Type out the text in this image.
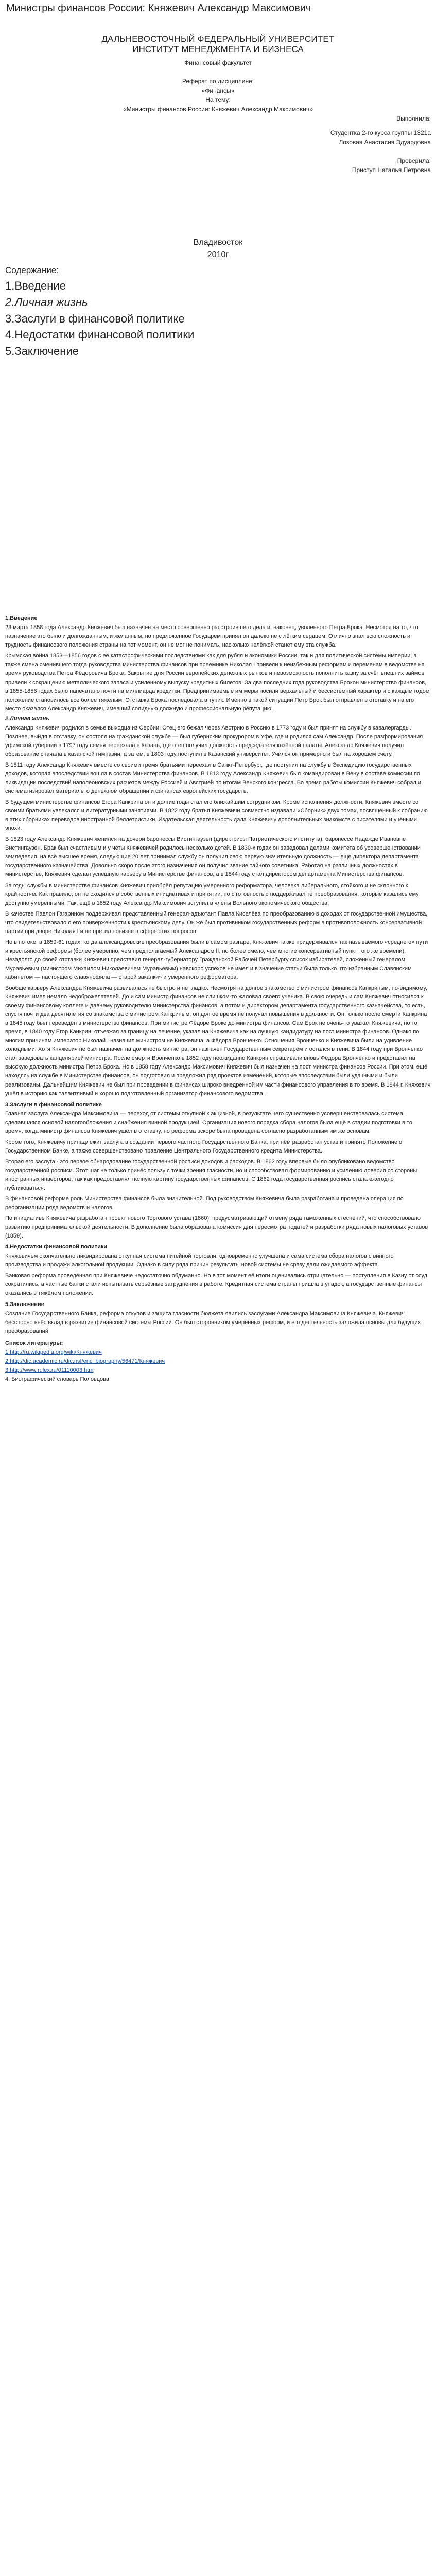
Министры финансов России: Княжевич Александр Максимович

ДАЛЬНЕВОСТОЧНЫЙ ФЕДЕРАЛЬНЫЙ УНИВЕРСИТЕТ

ИНСТИТУТ МЕНЕДЖМЕНТА И БИЗНЕСА

Финансовый факультет

Реферат по дисциплине:

«Финансы»

На тему:

«Министры финансов России: Княжевич Александр Максимович»

Выполнила:

Студентка 2-го курса группы 1321а

Лозовая Анастасия Эдуардовна

Проверила:

Приступ Наталья Петровна

Владивосток

2010г

Содержание:

1.Введение

2.Личная жизнь

3.Заслуги в финансовой политике

4.Недостатки финансовой политики

5.Заключение

1.Введение

23 марта 1858 года Александр Княжевич был назначен на место совершенно расстроившего дела и, наконец, уволенного Петра Брока. Несмотря на то, что назначение это было и долгожданным, и желанным, но предложенное Государем принял он далеко не с лёгким сердцем. Отлично знал всю сложность и трудность финансового положения страны на тот момент, он не мог не понимать, насколько нелёгкой станет ему эта служба.

Крымская война 1853—1856 годов с её катастрофическими последствиями как для рубля и экономики России, так и для политической системы империи, а также смена сменившего тогда руководства министерства финансов при преемнике Николая I привели к неизбежным реформам и переменам в ведомстве на время руководства Петра Фёдоровича Брока. Закрытие для России европейских денежных рынков и невозможность пополнить казну за счёт внешних займов привели к сокращению металлического запаса и усиленному выпуску кредитных билетов. За два последних года руководства Брокон министерство финансов, в 1855-1856 годах было напечатано почти на миллиарда кредитки. Предпринимаемые им меры носили верхальный и бессистемный характер и с каждым годом положение становилось все более тяжелым. Отставка Брока последовала в тупик. Именно в такой ситуации Пётр Брок был отправлен в отставку и на его место оказался Александр Княжевич, имевший солидную должную и профессиональную репутацию.

2.Личная жизнь

Александр Княжевич родился в семье выходца из Сербии. Отец его бежал через Австрию в Россию в 1773 году и был принят на службу в кавалергарды. Позднее, выйдя в отставку, он состоял на гражданской службе — был губернским прокурором в Уфе, где и родился сам Александр. После разформирования уфимской губернии в 1797 году семья переехала в Казань, где отец получил должность председателя казённой палаты. Александр Княжевич получил образование сначала в казанской гимназии, а затем, в 1803 году поступил в Казанский университет. Учился он примерно и был на хорошем счету.

В 1811 году Александр Княжевич вместе со своими тремя братьями переехал в Санкт-Петербург, где поступил на службу в Экспедицию государственных доходов, которая впоследствии вошла в состав Министерства финансов. В 1813 году Александр Княжевич был командирован в Вену в составе комиссии по ликвидации последствий наполеоновских расчётов между Россией и Австрией по итогам Венского конгресса. Во время работы комиссии Княжевич собрал и систематизировал материалы о денежном обращении и финансах европейских государств.

В будущем министерстве финансов Егора Канкрина он и долгие годы стал его ближайшим сотрудником. Кроме исполнения должности, Княжевич вместе со своими братьями увлекался и литературными занятиями. В 1822 году братья Княжевичи совместно издавали «Сборник» двух томах, посвященный к собранию в этих сборниках переводов иностранной беллетристики. Издательская деятельность дала Княжевичу дополнительных знакомств с писателями и учёными эпохи.

В 1823 году Александр Княжевич женился на дочери баронессы Вистингаузен (директрисы Патриотического института), баронессе Надежде Ивановне Вистингаузен. Брак был счастливым и у четы Княжевичей родилось несколько детей. В 1830-х годах он заведовал делами комитета об усовершенствовании земледелия, на всё высшее время, следующие 20 лет принимал службу он получил свою первую значительную должность — еще директора департамента государственного казначейства. Довольно скоро после этого назначения он получил звание тайного советника. Работая на различных должностях в министерстве, Княжевич сделал успешную карьеру в Министерстве финансов, а в 1844 году стал директором департамента Министерства финансов.

За годы службы в министерстве финансов Княжевич приобрёл репутацию умеренного реформатора, человека либерального, стойкого и не склонного к крайностям. Как правило, он не сходился в собственных инициативах и принятии, по с готовностью поддерживал те преобразования, которые казались ему доступно умеренными. Так, ещё в 1852 году Александр Максимович вступил в члены Вольного экономического общества.

В качестве Павлон Гагарином поддерживал представленный генерал-адъютант Павла Киселёва по преобразованию в доходах от государственной имущества, что свидетельствовало о его приверженности к крестьянскому делу. Он же был противником государственных реформ в противоположность консервативной партии при дворе Николая I и не претил новизне в сфере этих вопросов.

Но в потоке, в 1859-61 годах, когда александровские преобразования были в самом разгаре, Княжевич также придерживался так называемого «среднего» пути и крестьянской реформы (более умеренно, чем предполагаемый Александром II, но более смело, чем многие консервативный пункт того же времени). Незадолго до своей отставки Княжевич представил генерал-губернатору Гражданской Рабочей Петербургу список избирателей, сложенный генералом Муравьёвым (министром Михаилом Николаевичем Муравьёвым) навскоро успехов не имел и в значение статьи была только что избранным Славянским кабинетом — настоящего славянофила — старой закалки» и умеренного реформатора.

Вообще карьеру Александра Княжевича развивалась не быстро и не гладко. Несмотря на долгое знакомство с министром финансов Канкриным, по-видимому, Княжевич имел немало недоброжелателей. До и сам министр финансов не слишком-то жаловал своего ученика. В свою очередь и сам Княжевич относился к своему финансовому коллеге и давнему руководителю министерства финансов, а потом и директором департамента государственного казначейства, то есть, спустя почти два десятилетия со знакомства с министром Канкриным, он долгое время не получал повышения в должности. Он только после смерти Канкрина в 1845 году был переведён в министерство финансов. При министре Фёдоре Брокe до министра финансов. Сам Брок не очень-то уважал Княжевича, но то время, в 1840 году Егор Канкрин, отъезжая за границу на лечение, указал на Княжевича как на лучшую кандидатуру на пост министра финансов. Однако по многим причинам император Николай I назначил министром не Княжевича, а Фёдора Вронченко. Отношения Вронченко и Княжевича были на удивление холодными. Хотя Княжевич не был назначен на должность министра, он назначен Государственным секретарём и остался в тени. В 1844 году при Вронченко стал заведовать канцелярией министра. После смерти Вронченко в 1852 году неожиданно Канкрин спрашивали вновь Фёдора Вронченко и представил на высокую должность министра Петра Брока. Но в 1858 году Александр Максимович Княжевич был назначен на пост министра финансов России. При этом, ещё находясь на службе в Министерстве финансов, он подготовил и предложил ряд проектов изменений, которые впоследствии были удачными и были реализованы. Дальнейшим Княжевич не был при проведении в финансах широко внедрённой им части финансового управления в то время. В 1844 г. Княжевич ушёл в историю как талантливый и хорошо подготовленный организатор финансового ведомства.

3.Заслуги в финансовой политике

Главная заслуга Александра Максимовича — переход от системы откупной к акцизной, в результате чего существенно усовершенствовалась система, сделавшаяся основой налогообложения и снабжения винной продукцией. Организация нового порядка сбора налогов была ещё в стадии подготовки в то время, когда министр финансов Княжевич ушёл в отставку, но реформа вскоре была проведена согласно разработанным им же основам.

Кроме того, Княжевичу принадлежит заслуга в создании первого частного Государственного Банка, при нём разработан устав и принято Положение о Государственном Банке, а также совершенствовано правление Центрального Государственного кредита Министерства.

Вторая его заслуга - это первое обнародование государственной росписи доходов и расходов. В 1862 году впервые было опубликовано ведомство государственной росписи. Этот шаг не только принёс пользу с точки зрения гласности, но и способствовал формированию и усилению доверия со стороны иностранных инвесторов, так как предоставлял полную картину государственных финансов. С 1862 года государственная роспись стала ежегодно публиковаться.

В финансовой реформе роль Министерства финансов была значительной. Под руководством Княжевича была разработана и проведена операция по реорганизации ряда ведомств и налогов.

По инициативе Княжевича разработан проект нового Торгового устава (1860), предусматривающий отмену ряда таможенных стеснений, что способствовало развитию предпринимательской деятельности. В дополнение была образована комиссия для пересмотра податей и разработки ряда новых налоговых уставов (1859).

4.Недостатки финансовой политики

Княжевичем окончательно ликвидирована откупная система питейной торговли, одновременно улучшена и сама система сбора налогов с винного производства и продажи алкогольной продукции. Однако в силу ряда причин результаты новой системы не сразу дали ожидаемого эффекта.

Банковая реформа проведённая при Княжевиче недостаточно обдуманно. Но в тот момент её итоги оценивались отрицательно — поступления в Казну от ссуд сократились, а частные банки стали испытывать серьёзные затруднения в работе. Кредитная система страны пришла в упадок, а государственные финансы оказались в тяжёлом положении.

5.Заключение

Создание Государственного Банка, реформа откупов и защита гласности бюджета явились заслугами Александра Максимовича Княжевича. Княжевич бесспорно внёс вклад в развитие финансовой системы России. Он был сторонником умеренных реформ, и его деятельность заложила основы для будущих преобразований.

Список литературы:

1.http://ru.wikipedia.org/wiki/Княжевич

2.http://dic.academic.ru/dic.nsf/enc_biography/56471/Княжевич

3.http://www.rulex.ru/01110003.htm

4. Биографический словарь Половцова
